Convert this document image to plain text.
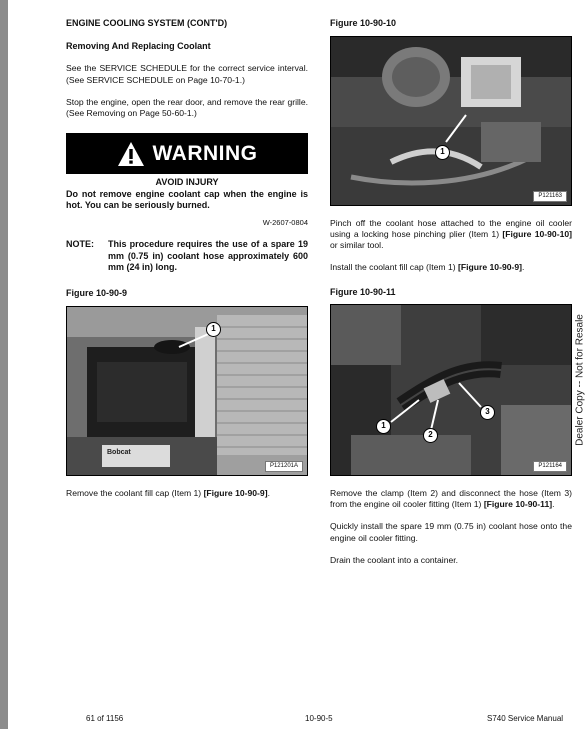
ENGINE COOLING SYSTEM (CONT'D)
Removing And Replacing Coolant

See the SERVICE SCHEDULE for the correct service interval. (See SERVICE SCHEDULE on Page 10-70-1.)

Stop the engine, open the rear door, and remove the rear grille. (See Removing on Page 50-60-1.)

WARNING
AVOID INJURY

Do not remove engine coolant cap when the engine is hot. You can be seriously burned.

W-2607-0804
NOTE:	This procedure requires the use of a spare 19 mm (0.75 in) coolant hose approximately 600 mm (24 in) long.
Figure 10-90-9
Bobcat
1
P121201A

Remove the coolant fill cap (Item 1) [Figure 10-90-9].

Figure 10-90-10
1
P121163

Pinch off the coolant hose attached to the engine oil cooler using a locking hose pinching plier (Item 1) [Figure 10-90-10] or similar tool.

Install the coolant fill cap (Item 1) [Figure 10-90-9].

Figure 10-90-11
1
2
3
P121164

Remove the clamp (Item 2) and disconnect the hose (Item 3) from the engine oil cooler fitting (Item 1) [Figure 10-90-11].

Quickly install the spare 19 mm (0.75 in) coolant hose onto the engine oil cooler fitting.

Drain the coolant into a container.

Dealer Copy -- Not for Resale
61 of 1156	10-90-5	S740 Service Manual
